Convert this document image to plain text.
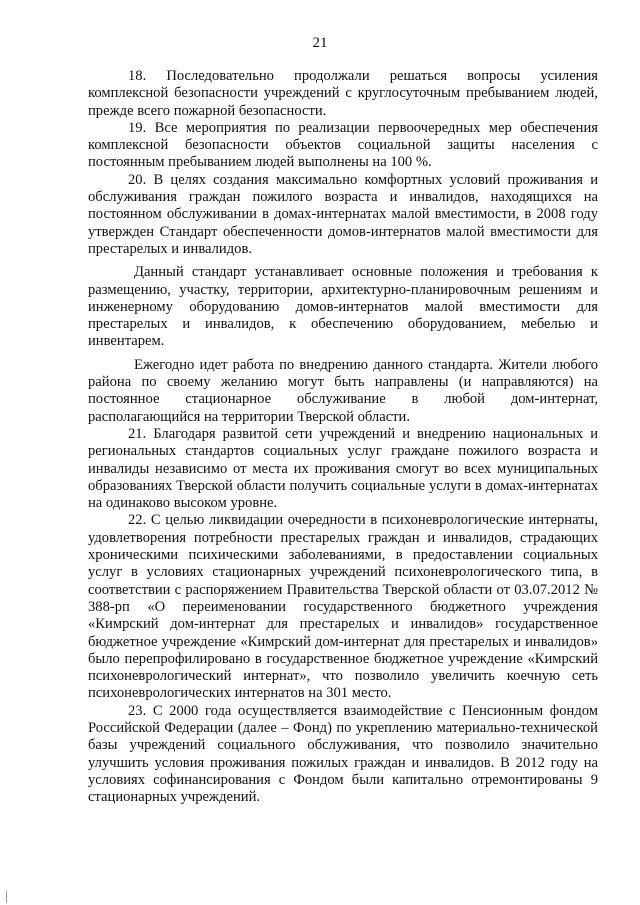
21

18. Последовательно продолжали решаться вопросы усиления комплексной безопасности учреждений с круглосуточным пребыванием людей, прежде всего пожарной безопасности.

19. Все мероприятия по реализации первоочередных мер обеспечения комплексной безопасности объектов социальной защиты населения с постоянным пребыванием людей выполнены на 100 %.

20. В целях создания максимально комфортных условий проживания и обслуживания граждан пожилого возраста и инвалидов, находящихся на постоянном обслуживании в домах-интернатах малой вместимости, в 2008 году утвержден Стандарт обеспеченности домов-интернатов малой вместимости для престарелых и инвалидов.

Данный стандарт устанавливает основные положения и требования к размещению, участку, территории, архитектурно-планировочным решениям и инженерному оборудованию домов-интернатов малой вместимости для престарелых и инвалидов, к обеспечению оборудованием, мебелью и инвентарем.

Ежегодно идет работа по внедрению данного стандарта. Жители любого района по своему желанию могут быть направлены (и направляются) на постоянное стационарное обслуживание в любой дом-интернат, располагающийся на территории Тверской области.

21. Благодаря развитой сети учреждений и внедрению национальных и региональных стандартов социальных услуг граждане пожилого возраста и инвалиды независимо от места их проживания смогут во всех муниципальных образованиях Тверской области получить социальные услуги в домах-интернатах на одинаково высоком уровне.

22. С целью ликвидации очередности в психоневрологические интернаты, удовлетворения потребности престарелых граждан и инвалидов, страдающих хроническими психическими заболеваниями, в предоставлении социальных услуг в условиях стационарных учреждений психоневрологического типа, в соответствии с распоряжением Правительства Тверской области от 03.07.2012 № 388-рп «О переименовании государственного бюджетного учреждения «Кимрский дом-интернат для престарелых и инвалидов» государственное бюджетное учреждение «Кимрский дом-интернат для престарелых и инвалидов» было перепрофилировано в государственное бюджетное учреждение «Кимрский психоневрологический интернат», что позволило увеличить коечную сеть психоневрологических интернатов на 301 место.

23. С 2000 года осуществляется взаимодействие с Пенсионным фондом Российской Федерации (далее – Фонд) по укреплению материально-технической базы учреждений социального обслуживания, что позволило значительно улучшить условия проживания пожилых граждан и инвалидов. В 2012 году на условиях софинансирования с Фондом были капитально отремонтированы 9 стационарных учреждений.
